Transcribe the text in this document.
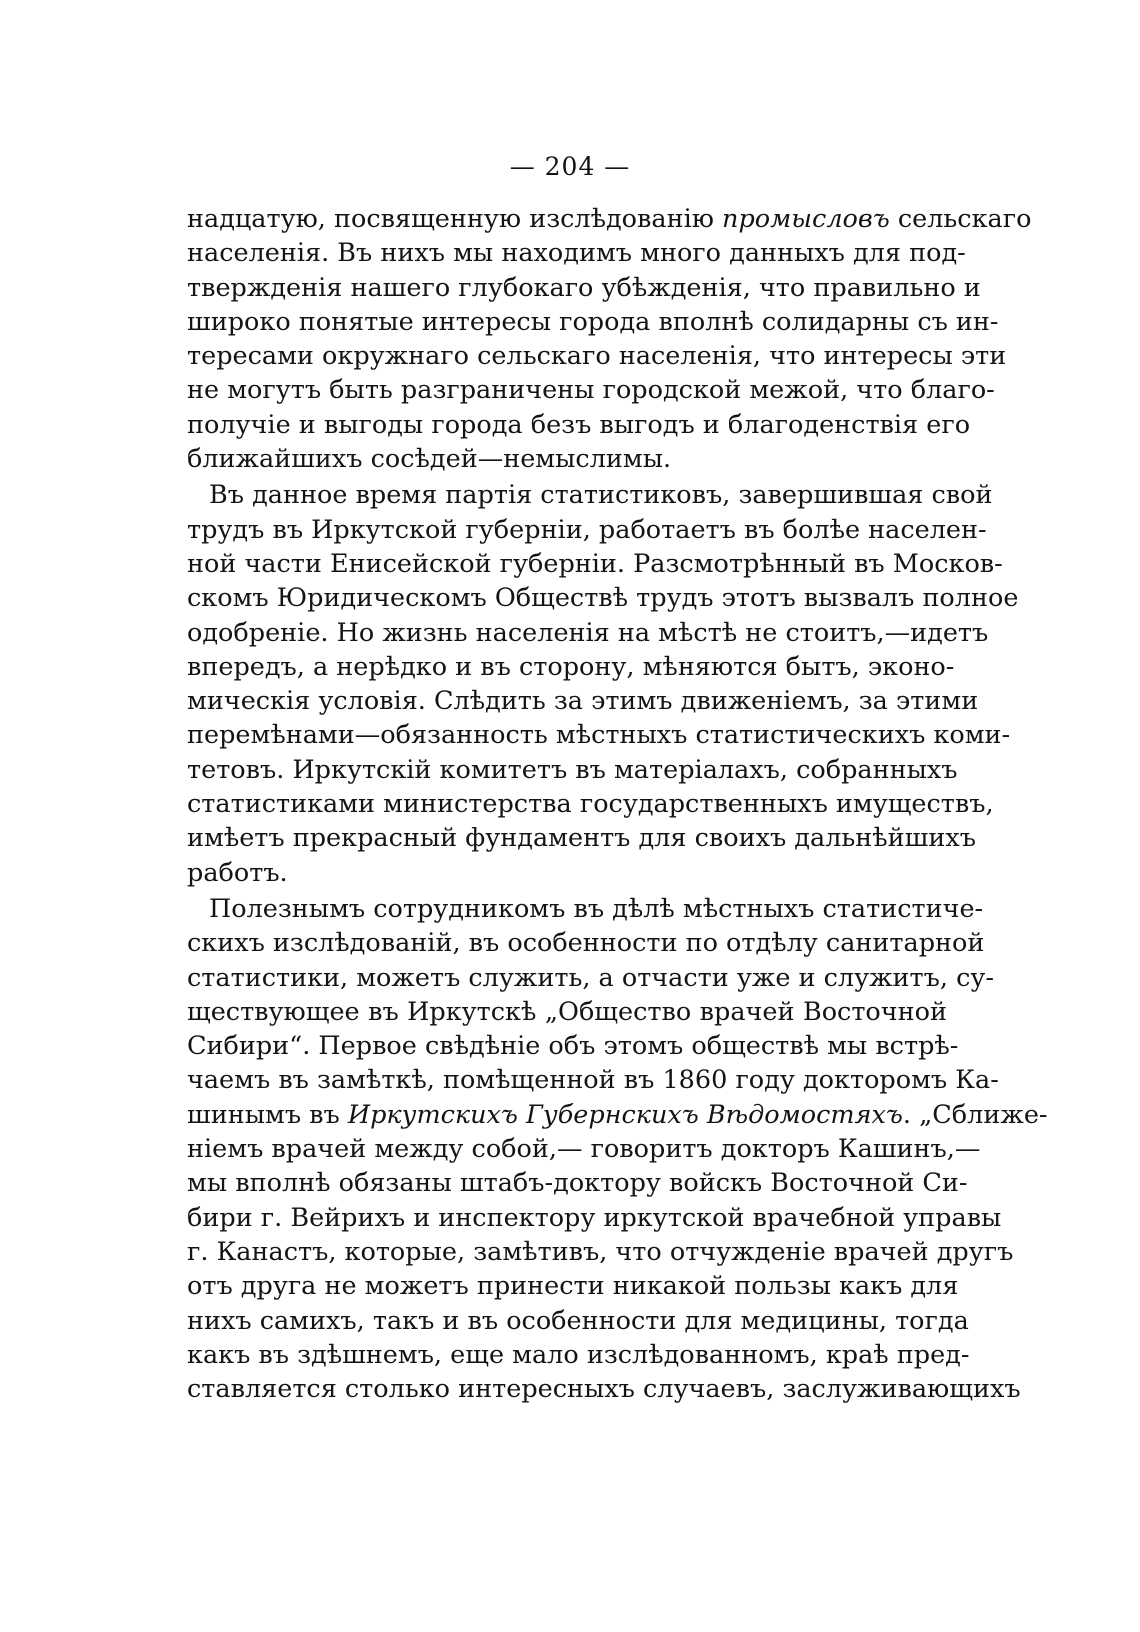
— 204 —
надцатую, посвященную изслѣдованію промысловъ сельскаго
населенія. Въ нихъ мы находимъ много данныхъ для под-
твержденія нашего глубокаго убѣжденія, что правильно и
широко понятые интересы города вполнѣ солидарны съ ин-
тересами окружнаго сельскаго населенія, что интересы эти
не могутъ быть разграничены городской межой, что благо-
получіе и выгоды города безъ выгодъ и благоденствія его
ближайшихъ сосѣдей—немыслимы.
Въ данное время партія статистиковъ, завершившая свой
трудъ въ Иркутской губерніи, работаетъ въ болѣе населен-
ной части Енисейской губерніи. Разсмотрѣнный въ Москов-
скомъ Юридическомъ Обществѣ трудъ этотъ вызвалъ полное
одобреніе. Но жизнь населенія на мѣстѣ не стоитъ,—идетъ
впередъ, а нерѣдко и въ сторону, мѣняются бытъ, эконо-
мическія условія. Слѣдить за этимъ движеніемъ, за этими
перемѣнами—обязанность мѣстныхъ статистическихъ коми-
тетовъ. Иркутскій комитетъ въ матеріалахъ, собранныхъ
статистиками министерства государственныхъ имуществъ,
имѣетъ прекрасный фундаментъ для своихъ дальнѣйшихъ
работъ.
Полезнымъ сотрудникомъ въ дѣлѣ мѣстныхъ статистиче-
скихъ изслѣдованій, въ особенности по отдѣлу санитарной
статистики, можетъ служить, а отчасти уже и служитъ, су-
ществующее въ Иркутскѣ „Общество врачей Восточной
Сибири“. Первое свѣдѣніе объ этомъ обществѣ мы встрѣ-
чаемъ въ замѣткѣ, помѣщенной въ 1860 году докторомъ Ка-
шинымъ въ Иркутскихъ Губернскихъ Вѣдомостяхъ. „Сближе-
ніемъ врачей между собой,— говоритъ докторъ Кашинъ,—
мы вполнѣ обязаны штабъ-доктору войскъ Восточной Си-
бири г. Вейрихъ и инспектору иркутской врачебной управы
г. Канастъ, которые, замѣтивъ, что отчужденіе врачей другъ
отъ друга не можетъ принести никакой пользы какъ для
нихъ самихъ, такъ и въ особенности для медицины, тогда
какъ въ здѣшнемъ, еще мало изслѣдованномъ, краѣ пред-
ставляется столько интересныхъ случаевъ, заслуживающихъ
